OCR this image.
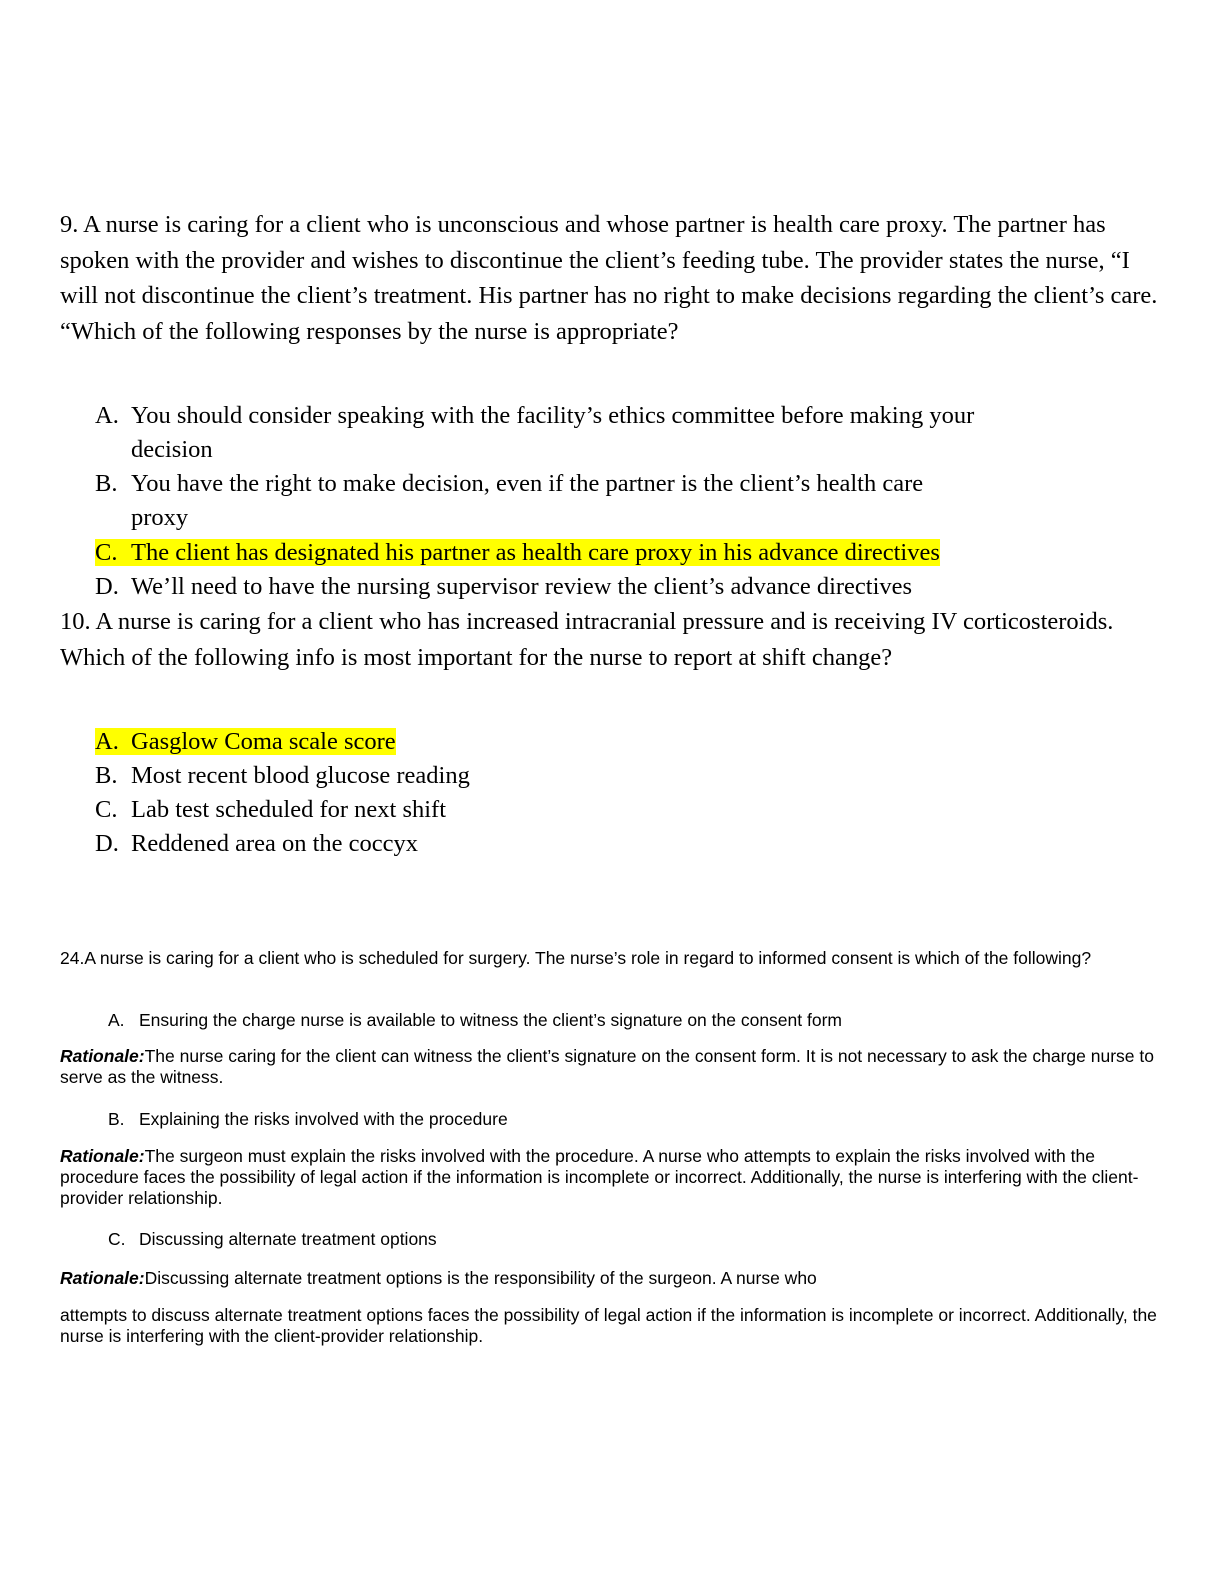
9. A nurse is caring for a client who is unconscious and whose partner is health care proxy. The partner has spoken with the provider and wishes to discontinue the client’s feeding tube. The provider states the nurse, “I will not discontinue the client’s treatment. His partner has no right to make decisions regarding the client’s care. “Which of the following responses by the nurse is appropriate?
A. You should consider speaking with the facility’s ethics committee before making your
decision
B. You have the right to make decision, even if the partner is the client’s health care
proxy
C. The client has designated his partner as health care proxy in his advance directives
D. We’ll need to have the nursing supervisor review the client’s advance directives
10. A nurse is caring for a client who has increased intracranial pressure and is receiving IV corticosteroids. Which of the following info is most important for the nurse to report at shift change?
A. Gasglow Coma scale score
B. Most recent blood glucose reading
C. Lab test scheduled for next shift
D. Reddened area on the coccyx
24.A nurse is caring for a client who is scheduled for surgery. The nurse’s role in regard to informed consent is which of the following?
A. Ensuring the charge nurse is available to witness the client’s signature on the consent form
Rationale:The nurse caring for the client can witness the client’s signature on the consent form. It is not necessary to ask the charge nurse to serve as the witness.
B. Explaining the risks involved with the procedure
Rationale:The surgeon must explain the risks involved with the procedure. A nurse who attempts to explain the risks involved with the procedure faces the possibility of legal action if the information is incomplete or incorrect. Additionally, the nurse is interfering with the client-provider relationship.
C. Discussing alternate treatment options
Rationale:Discussing alternate treatment options is the responsibility of the surgeon. A nurse who
attempts to discuss alternate treatment options faces the possibility of legal action if the information is incomplete or incorrect. Additionally, the nurse is interfering with the client-provider relationship.
